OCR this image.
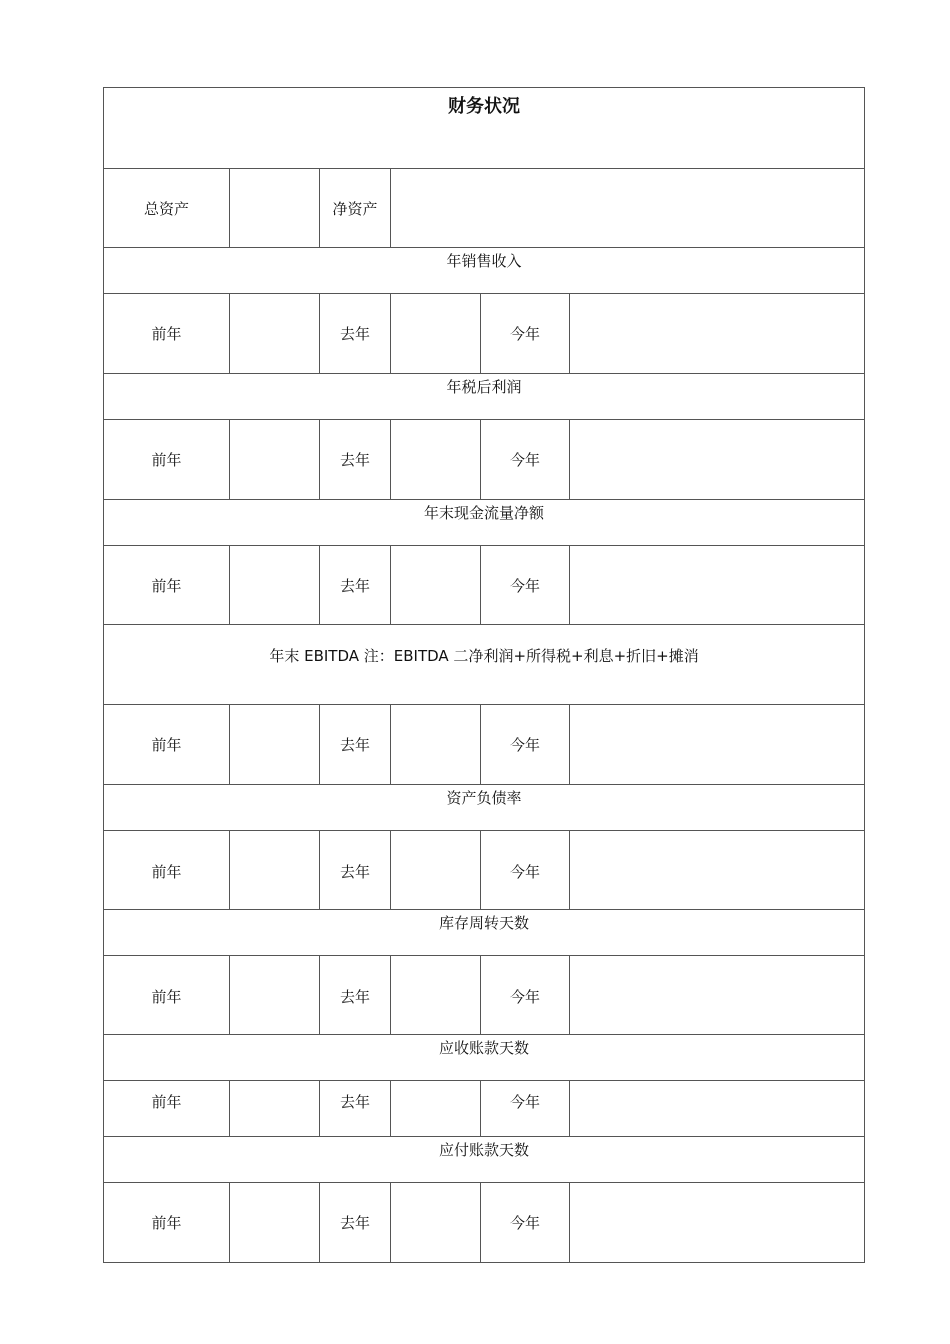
财务状况					
总资产		净资产			
年销售收入					
前年		去年		今年	
年税后利润					
前年		去年		今年	
年末现金流量净额					
前年		去年		今年	
年末 EBITDA 注：EBITDA 二净利润+所得税+利息+折旧+摊消					
前年		去年		今年	
资产负债率					
前年		去年		今年	
库存周转天数					
前年		去年		今年	
应收账款天数					
前年		去年		今年	
应付账款天数					
前年		去年		今年	
